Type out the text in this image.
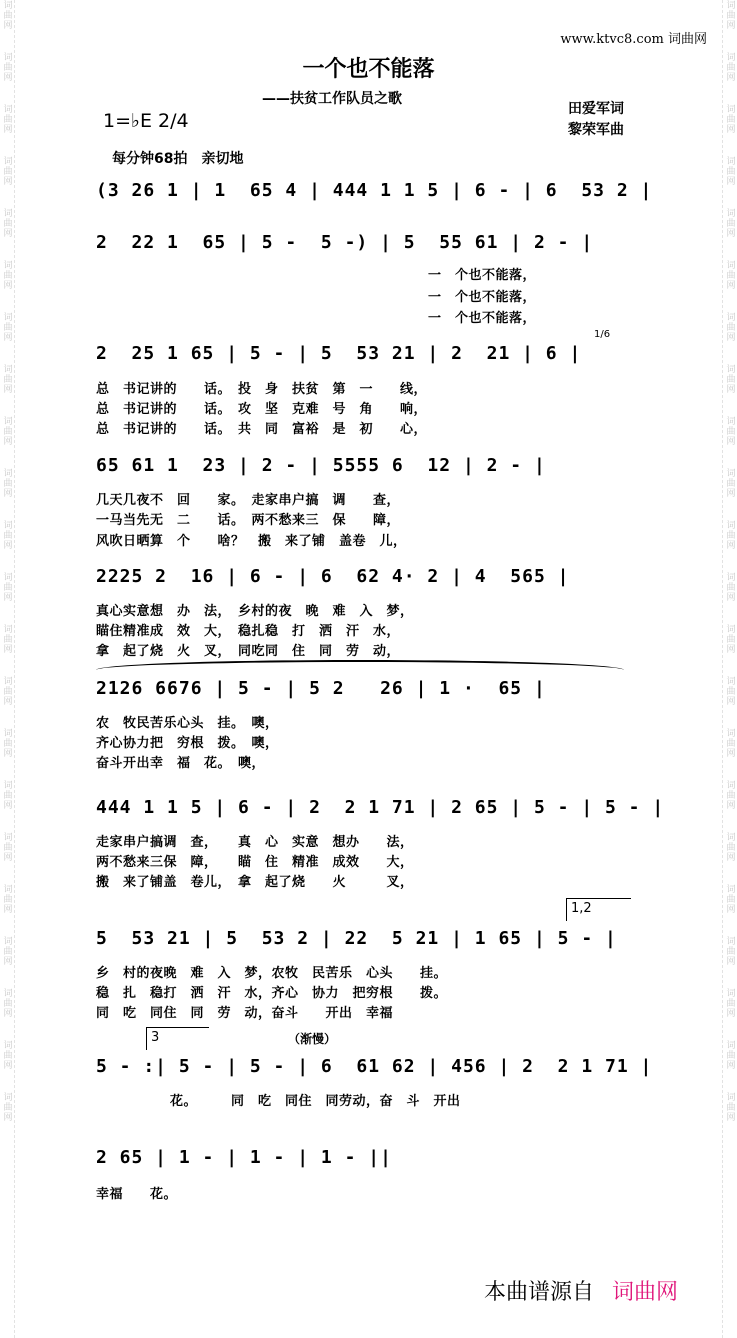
词曲网
词曲网
词曲网
词曲网
词曲网
词曲网
词曲网
词曲网
词曲网
词曲网
词曲网
词曲网
词曲网
词曲网
词曲网
词曲网
词曲网
词曲网
词曲网
词曲网
词曲网
词曲网
词曲网
词曲网
词曲网
词曲网
词曲网
词曲网
词曲网
词曲网
词曲网
词曲网
词曲网
词曲网
词曲网
词曲网
词曲网
词曲网
词曲网
词曲网
词曲网
词曲网
词曲网
词曲网
www.ktvc8.com 词曲网
一个也不能落
——扶贫工作队员之歌
田爱军词
黎荣军曲
1=♭E 2/4
每分钟68拍　亲切地
(3 26 1 | 1  65 4 | 444 1 1 5 | 6 - | 6  53 2 |
2  22 1  65 | 5 -  5 -) | 5  55 61 | 2 - |
一　个也不能落，
一　个也不能落，
一　个也不能落，
2  25 1 65 | 5 - | 5  53 21 | 2  21 | 6 |
1/6
总　书记讲的　　话。　投　身　扶贫　第　一　　线，
总　书记讲的　　话。　攻　坚　克难　号　角　　响，
总　书记讲的　　话。　共　同　富裕　是　初　　心，
65 61 1  23 | 2 - | 5555 6  12 | 2 - |
几天几夜不　回　　家。　走家串户搞　调　　查，
一马当先无　二　　话。　两不愁来三　保　　障，
风吹日晒算　个　　啥？　搬　来了铺　盖卷　儿，
2225 2  16 | 6 - | 6  62 4· 2 | 4  565 |
真心实意想　办　法，　乡村的夜　晚　难　入　梦，
瞄住精准成　效　大，　稳扎稳　打　洒　汗　水，
拿　起了烧　火　叉，　同吃同　住　同　劳　动，
2126 6676 | 5 - | 5 2   26 | 1 ·  65 |
农　牧民苦乐心头　挂。　噢，
齐心协力把　穷根　拨。　噢，
奋斗开出幸　福　花。　噢，
444 1 1 5 | 6 - | 2  2 1 71 | 2 65 | 5 - | 5 - |
走家串户搞调　查，　　真　心　实意　想办　　法，
两不愁来三保　障，　　瞄　住　精准　成效　　大，
搬　来了铺盖　卷儿，　拿　起了烧　　火　　　叉，
1,2
5  53 21 | 5  53 2 | 22  5 21 | 1 65 | 5 - |
乡　村的夜晚　难　入　梦，农牧　民苦乐　心头　　挂。
稳　扎　稳打　洒　汗　水，齐心　协力　把穷根　　拨。
同　吃　同住　同　劳　动，奋斗　　开出　幸福
3	（渐慢）
5 - :| 5 - | 5 - | 6  61 62 | 456 | 2  2 1 71 |
花。　　　同　吃　同住　同劳动，奋　斗　开出
2 65 | 1 - | 1 - | 1 - ||
幸福　　花。
本曲谱源自 词曲网
